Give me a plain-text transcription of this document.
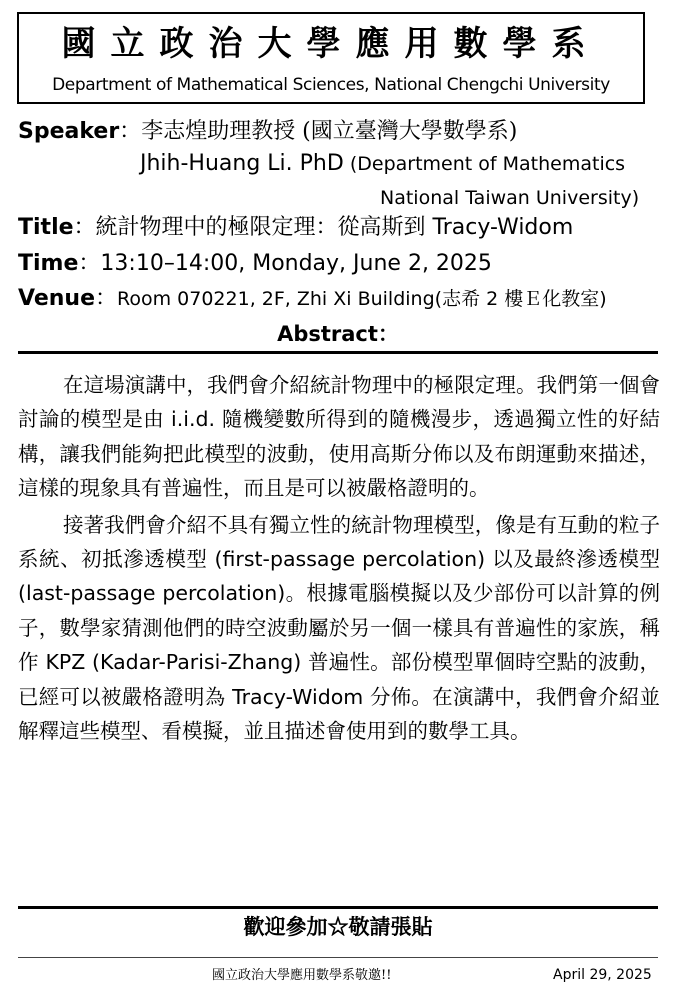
國立政治大學應用數學系
Department of Mathematical Sciences, National Chengchi University
Speaker：李志煌助理教授 (國立臺灣大學數學系)
Jhih-Huang Li. PhD (Department of Mathematics
National Taiwan University)
Title：統計物理中的極限定理：從高斯到 Tracy-Widom
Time：13:10–14:00, Monday, June 2, 2025
Venue：Room 070221, 2F, Zhi Xi Building(志希 2 樓Ｅ化教室)
Abstract：

在這場演講中，我們會介紹統計物理中的極限定理。我們第一個會討論的模型是由 i.i.d. 隨機變數所得到的隨機漫步，透過獨立性的好結構，讓我們能夠把此模型的波動，使用高斯分佈以及布朗運動來描述，這樣的現象具有普遍性，而且是可以被嚴格證明的。

接著我們會介紹不具有獨立性的統計物理模型，像是有互動的粒子系統、初抵滲透模型 (first-passage percolation) 以及最終滲透模型 (last-passage percolation)。根據電腦模擬以及少部份可以計算的例子，數學家猜測他們的時空波動屬於另一個一樣具有普遍性的家族，稱作 KPZ (Kadar-Parisi-Zhang) 普遍性。部份模型單個時空點的波動，已經可以被嚴格證明為 Tracy-Widom 分佈。在演講中，我們會介紹並解釋這些模型、看模擬，並且描述會使用到的數學工具。

歡迎參加☆敬請張貼
國立政治大學應用數學系敬邀!!	April 29, 2025
